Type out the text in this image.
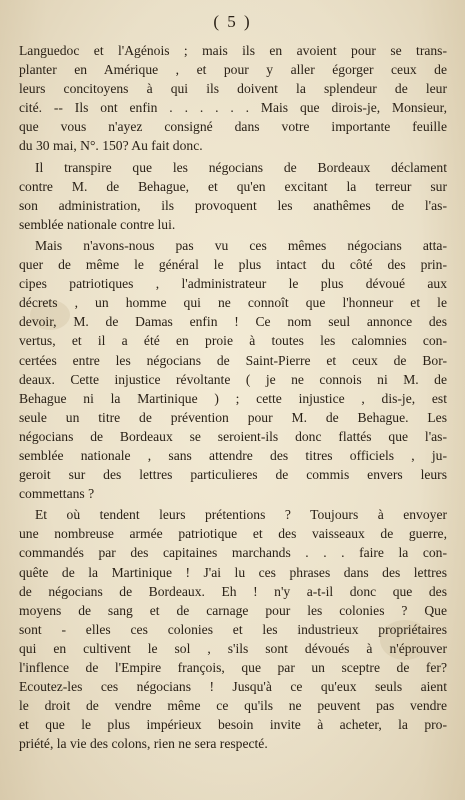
( 5 )
Languedoc et l'Agénois ; mais ils en avoient pour se trans-
planter en Amérique , et pour y aller égorger ceux de
leurs concitoyens à qui ils doivent la splendeur de leur
cité. -- Ils ont enfin . . . . . . Mais que dirois-je, Monsieur,
que vous n'ayez consigné dans votre importante feuille
du 30 mai, N°. 150? Au fait donc.
Il transpire que les négocians de Bordeaux déclament
contre M. de Behague, et qu'en excitant la terreur sur
son administration, ils provoquent les anathêmes de l'as-
semblée nationale contre lui.
Mais n'avons-nous pas vu ces mêmes négocians atta-
quer de même le général le plus intact du côté des prin-
cipes patriotiques , l'administrateur le plus dévoué aux
décrets , un homme qui ne connoît que l'honneur et le
devoir, M. de Damas enfin ! Ce nom seul annonce des
vertus, et il a été en proie à toutes les calomnies con-
certées entre les négocians de Saint-Pierre et ceux de Bor-
deaux. Cette injustice révoltante ( je ne connois ni M. de
Behague ni la Martinique ) ; cette injustice , dis-je, est
seule un titre de prévention pour M. de Behague. Les
négocians de Bordeaux se seroient-ils donc flattés que l'as-
semblée nationale , sans attendre des titres officiels , ju-
geroit sur des lettres particulieres de commis envers leurs
commettans ?
Et où tendent leurs prétentions ? Toujours à envoyer
une nombreuse armée patriotique et des vaisseaux de guerre,
commandés par des capitaines marchands . . . faire la con-
quête de la Martinique ! J'ai lu ces phrases dans des lettres
de négocians de Bordeaux. Eh ! n'y a-t-il donc que des
moyens de sang et de carnage pour les colonies ? Que
sont - elles ces colonies et les industrieux propriétaires
qui en cultivent le sol , s'ils sont dévoués à n'éprouver
l'inflence de l'Empire françois, que par un sceptre de fer?
Ecoutez-les ces négocians ! Jusqu'à ce qu'eux seuls aient
le droit de vendre même ce qu'ils ne peuvent pas vendre
et que le plus impérieux besoin invite à acheter, la pro-
priété, la vie des colons, rien ne sera respecté.
